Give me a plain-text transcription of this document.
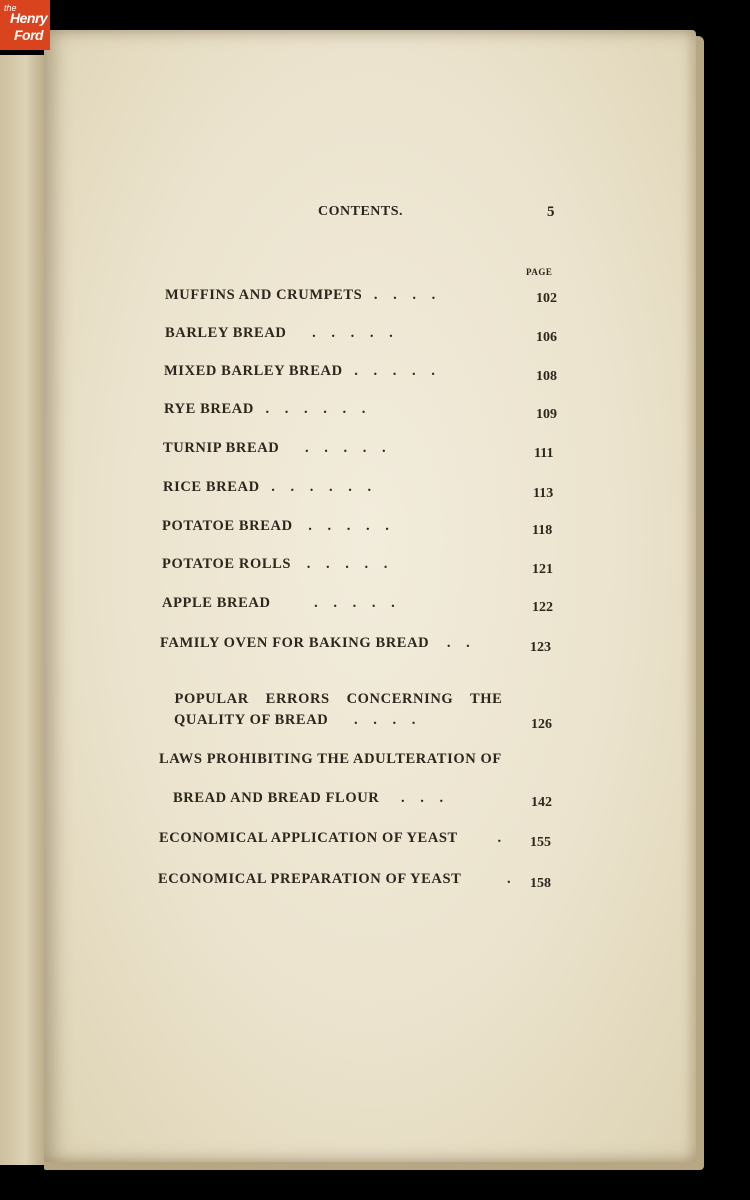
the
Henry
Ford
CONTENTS.	5
PAGE
MUFFINS AND CRUMPETS . . . .	102
BARLEY BREAD . . . . .	106
MIXED BARLEY BREAD . . . . .	108
RYE BREAD . . . . . .	109
TURNIP BREAD . . . . .	111
RICE BREAD . . . . . .	113
POTATOE BREAD . . . . .	118
POTATOE ROLLS . . . . .	121
APPLE BREAD	. . . . .	122
FAMILY OVEN FOR BAKING BREAD . .	123

POPULAR    ERRORS    CONCERNING    THE

QUALITY OF BREAD . . . .	126
LAWS PROHIBITING THE ADULTERATION OF
BREAD AND BREAD FLOUR . . .	142
ECONOMICAL APPLICATION OF YEAST	. 155
ECONOMICAL PREPARATION OF YEAST	. 158
